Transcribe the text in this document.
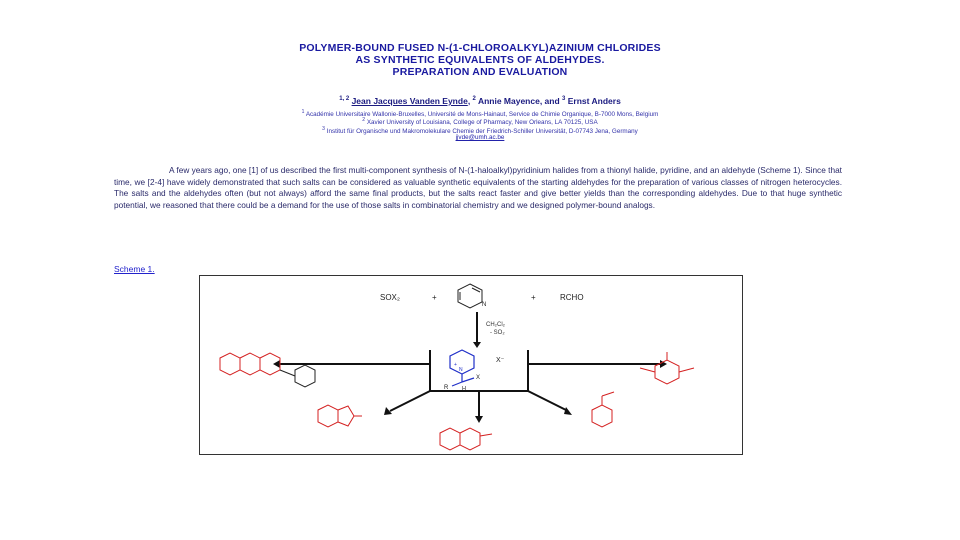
POLYMER-BOUND FUSED N-(1-CHLOROALKYL)AZINIUM CHLORIDES
AS SYNTHETIC EQUIVALENTS OF ALDEHYDES.
PREPARATION AND EVALUATION
$^{1, 2}$ Jean Jacques Vanden Eynde, $^2$ Annie Mayence, and $^3$ Ernst Anders
$^1$ Académie Universitaire Wallonie-Bruxelles, Université de Mons-Hainaut, Service de Chimie Organique, B-7000 Mons, Belgium
$^2$ Xavier University of Louisiana, College of Pharmacy, New Orleans, LA 70125, USA
$^3$ Institut für Organische und Makromolekulare Chemie der Friedrich-Schiller Universität, D-07743 Jena, Germany
jjvde@umh.ac.be
A few years ago, one [1] of us described the first multi-component synthesis of N-(1-haloalkyl)pyridinium halides from a thionyl halide, pyridine, and an aldehyde (Scheme 1). Since that time, we [2-4] have widely demonstrated that such salts can be considered as valuable synthetic equivalents of the starting aldehydes for the preparation of various classes of nitrogen heterocycles. The salts and the aldehydes often (but not always) afford the same final products, but the salts react faster and give better yields than the corresponding aldehydes. Due to that huge synthetic potential, we reasoned that there could be a demand for the use of those salts in combinatorial chemistry and we designed polymer-bound analogs.
Scheme 1.
SOX₂	+
N
+	RCHO
CH₂Cl₂
- SO₂
N
+
X⁻
X
R H
